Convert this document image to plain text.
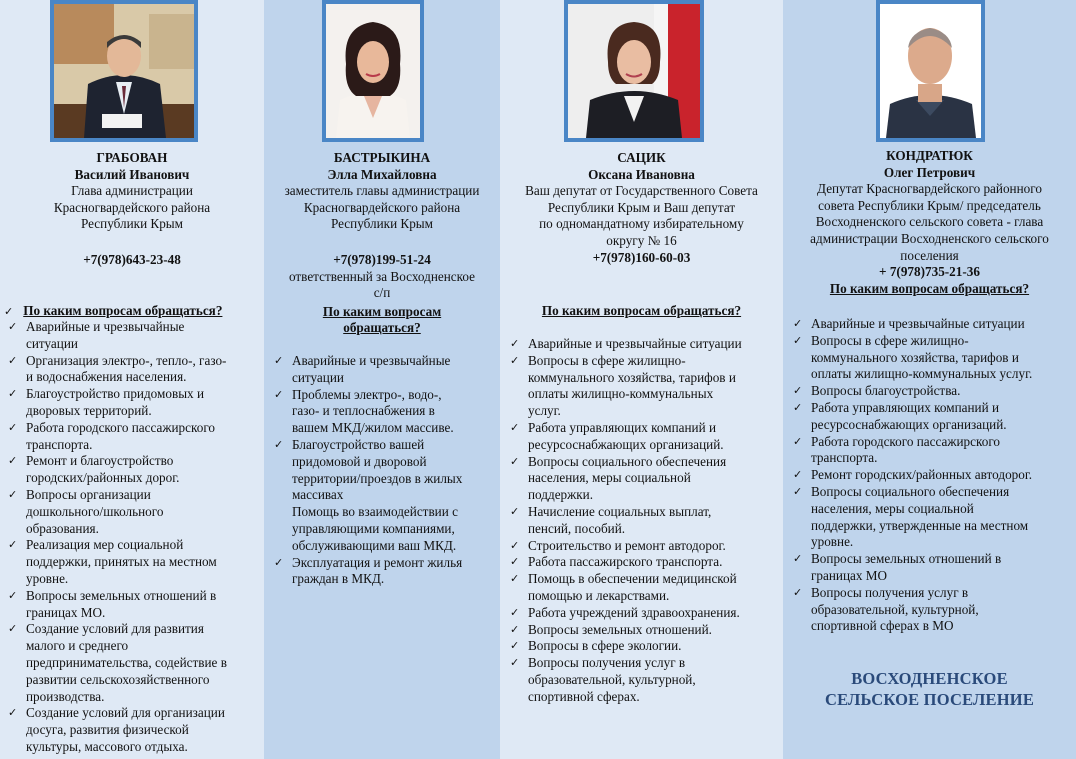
ГРАБОВАН
Василий Иванович
Глава администрации
Красногвардейского района
Республики Крым
+7(978)643-23-48
✓ По каким вопросам обращаться?
✓ Аварийные и чрезвычайные
ситуации
✓ Организация электро-, тепло-, газо-
и водоснабжения населения.
✓ Благоустройство придомовых и
дворовых территорий.
✓ Работа городского пассажирского
транспорта.
✓ Ремонт и благоустройство
городских/районных дорог.
✓ Вопросы организации
дошкольного/школьного
образования.
✓ Реализация мер социальной
поддержки, принятых на местном
уровне.
✓ Вопросы земельных отношений в
границах МО.
✓ Создание условий для развития
малого и среднего
предпринимательства, содействие в
развитии сельскохозяйственного
производства.
✓ Создание условий для организации
досуга, развития физической
культуры, массового отдыха.
БАСТРЫКИНА
Элла Михайловна
заместитель главы администрации
Красногвардейского района
Республики Крым
+7(978)199-51-24
ответственный за Восходненское
с/п
По каким вопросам
обращаться?
✓ Аварийные и чрезвычайные
ситуации
✓ Проблемы электро-, водо-,
газо- и теплоснабжения в
вашем МКД/жилом массиве.
✓ Благоустройство вашей
придомовой и дворовой
территории/проездов в жилых
массивах
Помощь во взаимодействии с
управляющими компаниями,
обслуживающими ваш МКД.
✓ Эксплуатация и ремонт жилья
граждан в МКД.
САЦИК
Оксана Ивановна
Ваш депутат от Государственного Совета
Республики Крым и Ваш депутат
по одномандатному избирательному
округу № 16
+7(978)160-60-03
По каким вопросам обращаться?
✓ Аварийные и чрезвычайные ситуации
✓ Вопросы в сфере жилищно-
коммунального хозяйства, тарифов и
оплаты жилищно-коммунальных
услуг.
✓ Работа управляющих компаний и
ресурсоснабжающих организаций.
✓ Вопросы социального обеспечения
населения, меры социальной
поддержки.
✓ Начисление социальных выплат,
пенсий, пособий.
✓ Строительство и ремонт автодорог.
✓ Работа пассажирского транспорта.
✓ Помощь в обеспечении медицинской
помощью и лекарствами.
✓ Работа учреждений здравоохранения.
✓ Вопросы земельных отношений.
✓ Вопросы в сфере экологии.
✓ Вопросы получения услуг в
образовательной, культурной,
спортивной сферах.
КОНДРАТЮК
Олег Петрович
Депутат Красногвардейского районного
совета Республики Крым/ председатель
Восходненского сельского совета - глава
администрации Восходненского сельского
поселения
+ 7(978)735-21-36
По каким вопросам обращаться?
✓ Аварийные и чрезвычайные ситуации
✓ Вопросы в сфере жилищно-
коммунального хозяйства, тарифов и
оплаты жилищно-коммунальных услуг.
✓ Вопросы благоустройства.
✓ Работа управляющих компаний и
ресурсоснабжающих организаций.
✓ Работа городского пассажирского
транспорта.
✓ Ремонт городских/районных автодорог.
✓ Вопросы социального обеспечения
населения, меры социальной
поддержки, утвержденные на местном
уровне.
✓ Вопросы земельных отношений в
границах МО
✓ Вопросы получения услуг в
образовательной, культурной,
спортивной сферах в МО
ВОСХОДНЕНСКОЕ
СЕЛЬСКОЕ ПОСЕЛЕНИЕ
